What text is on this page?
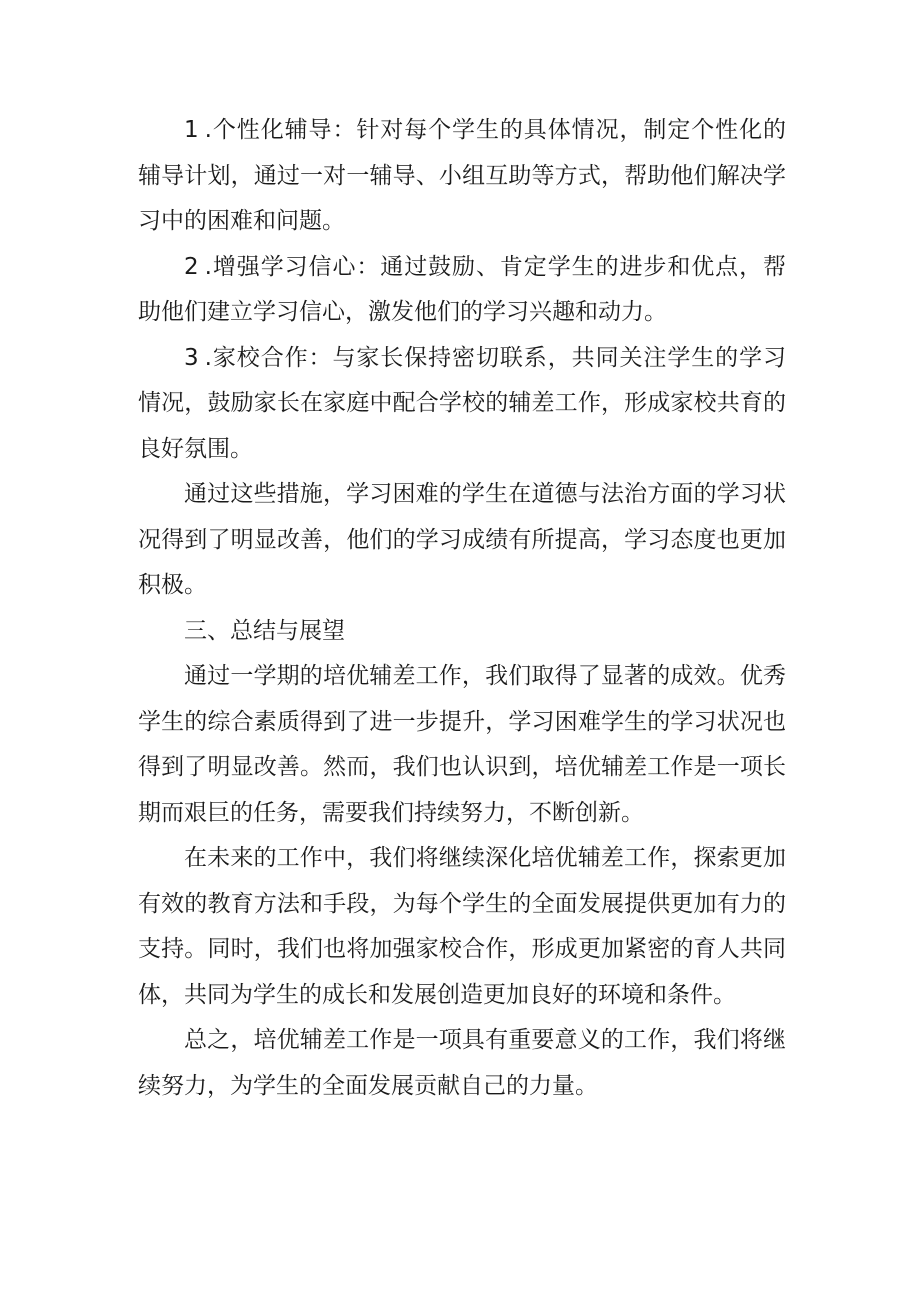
1 .个性化辅导：针对每个学生的具体情况，制定个性化的辅导计划，通过一对一辅导、小组互助等方式，帮助他们解决学习中的困难和问题。

2 .增强学习信心：通过鼓励、肯定学生的进步和优点，帮助他们建立学习信心，激发他们的学习兴趣和动力。

3 .家校合作：与家长保持密切联系，共同关注学生的学习情况，鼓励家长在家庭中配合学校的辅差工作，形成家校共育的良好氛围。

通过这些措施，学习困难的学生在道德与法治方面的学习状况得到了明显改善，他们的学习成绩有所提高，学习态度也更加积极。

三、总结与展望

通过一学期的培优辅差工作，我们取得了显著的成效。优秀学生的综合素质得到了进一步提升，学习困难学生的学习状况也得到了明显改善。然而，我们也认识到，培优辅差工作是一项长期而艰巨的任务，需要我们持续努力，不断创新。

在未来的工作中，我们将继续深化培优辅差工作，探索更加有效的教育方法和手段，为每个学生的全面发展提供更加有力的支持。同时，我们也将加强家校合作，形成更加紧密的育人共同体，共同为学生的成长和发展创造更加良好的环境和条件。

总之，培优辅差工作是一项具有重要意义的工作，我们将继续努力，为学生的全面发展贡献自己的力量。
